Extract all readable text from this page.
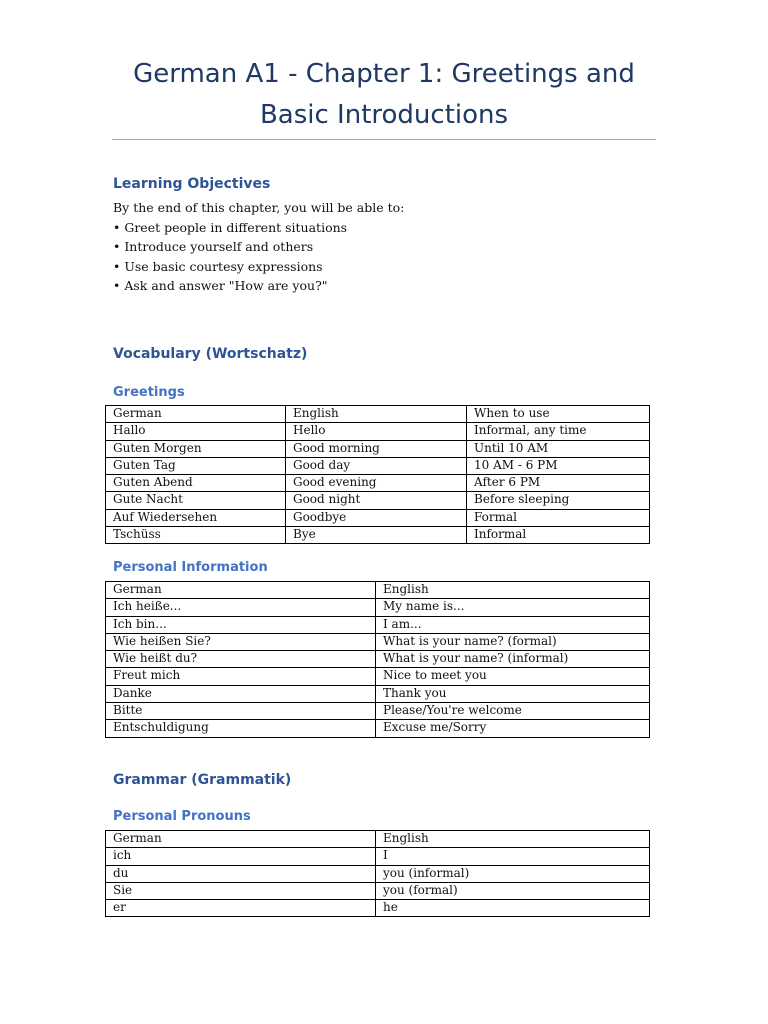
German A1 - Chapter 1: Greetings and Basic Introductions
Learning Objectives

By the end of this chapter, you will be able to:

• Greet people in different situations

• Introduce yourself and others

• Use basic courtesy expressions

• Ask and answer "How are you?"

Vocabulary (Wortschatz)
Greetings
German	English	When to use
Hallo	Hello	Informal, any time
Guten Morgen	Good morning	Until 10 AM
Guten Tag	Good day	10 AM - 6 PM
Guten Abend	Good evening	After 6 PM
Gute Nacht	Good night	Before sleeping
Auf Wiedersehen	Goodbye	Formal
Tschüss	Bye	Informal
Personal Information
German	English
Ich heiße...	My name is...
Ich bin...	I am...
Wie heißen Sie?	What is your name? (formal)
Wie heißt du?	What is your name? (informal)
Freut mich	Nice to meet you
Danke	Thank you
Bitte	Please/You're welcome
Entschuldigung	Excuse me/Sorry
Grammar (Grammatik)
Personal Pronouns
German	English
ich	I
du	you (informal)
Sie	you (formal)
er	he
